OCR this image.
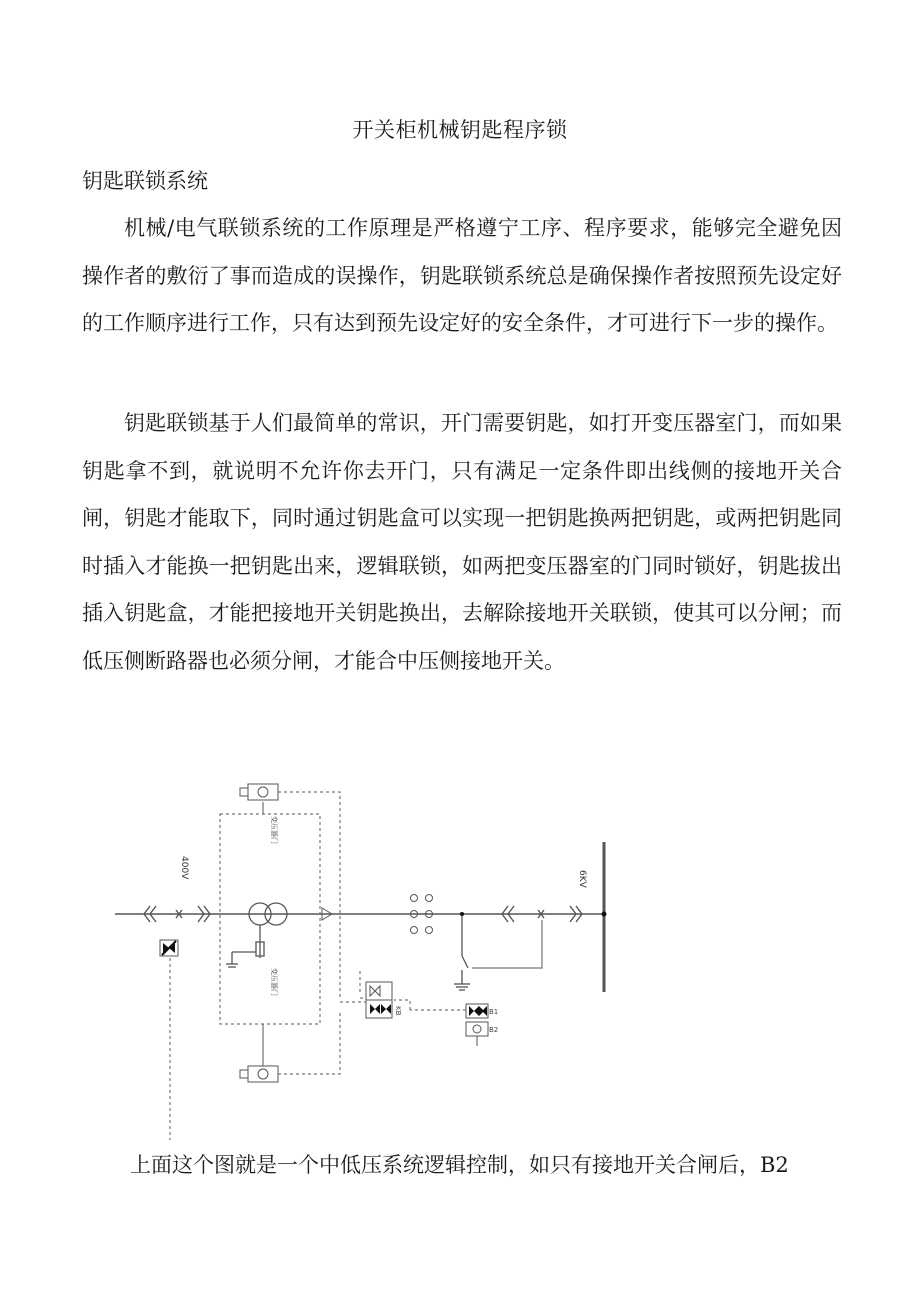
开关柜机械钥匙程序锁
钥匙联锁系统

机械/电气联锁系统的工作原理是严格遵宁工序、程序要求，能够完全避免因操作者的敷衍了事而造成的误操作，钥匙联锁系统总是确保操作者按照预先设定好的工作顺序进行工作，只有达到预先设定好的安全条件，才可进行下一步的操作。

钥匙联锁基于人们最简单的常识，开门需要钥匙，如打开变压器室门，而如果钥匙拿不到，就说明不允许你去开门，只有满足一定条件即出线侧的接地开关合闸，钥匙才能取下，同时通过钥匙盒可以实现一把钥匙换两把钥匙，或两把钥匙同时插入才能换一把钥匙出来，逻辑联锁，如两把变压器室的门同时锁好，钥匙拔出插入钥匙盒，才能把接地开关钥匙换出，去解除接地开关联锁，使其可以分闸；而低压侧断路器也必须分闸，才能合中压侧接地开关。

400V
变压器门
变压器门
KB
6KV
B1
B2

上面这个图就是一个中低压系统逻辑控制，如只有接地开关合闸后，B2
